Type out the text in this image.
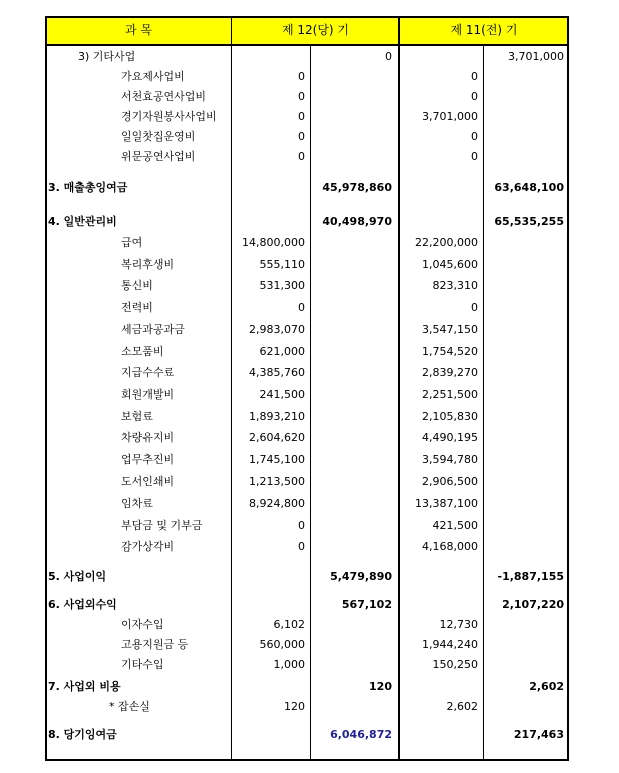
과 목	제 12(당) 기	제 11(전) 기
3) 기타사업	0	3,701,000
가요제사업비	0	0
서천효공연사업비	0	0
경기자원봉사사업비	0	3,701,000
일일찻집운영비	0	0
위문공연사업비	0	0
3. 매출총잉여금	45,978,860	63,648,100
4. 일반관리비	40,498,970	65,535,255
급여	14,800,000	22,200,000
복리후생비	555,110	1,045,600
통신비	531,300	823,310
전력비	0	0
세금과공과금	2,983,070	3,547,150
소모품비	621,000	1,754,520
지급수수료	4,385,760	2,839,270
회원개발비	241,500	2,251,500
보험료	1,893,210	2,105,830
차량유지비	2,604,620	4,490,195
업무추진비	1,745,100	3,594,780
도서인쇄비	1,213,500	2,906,500
임차료	8,924,800	13,387,100
부담금 및 기부금	0	421,500
감가상각비	0	4,168,000
5. 사업이익	5,479,890	-1,887,155
6. 사업외수익	567,102	2,107,220
이자수입	6,102	12,730
고용지원금 등	560,000	1,944,240
기타수입	1,000	150,250
7. 사업외 비용	120	2,602
* 잡손실	120	2,602
8. 당기잉여금	6,046,872	217,463
